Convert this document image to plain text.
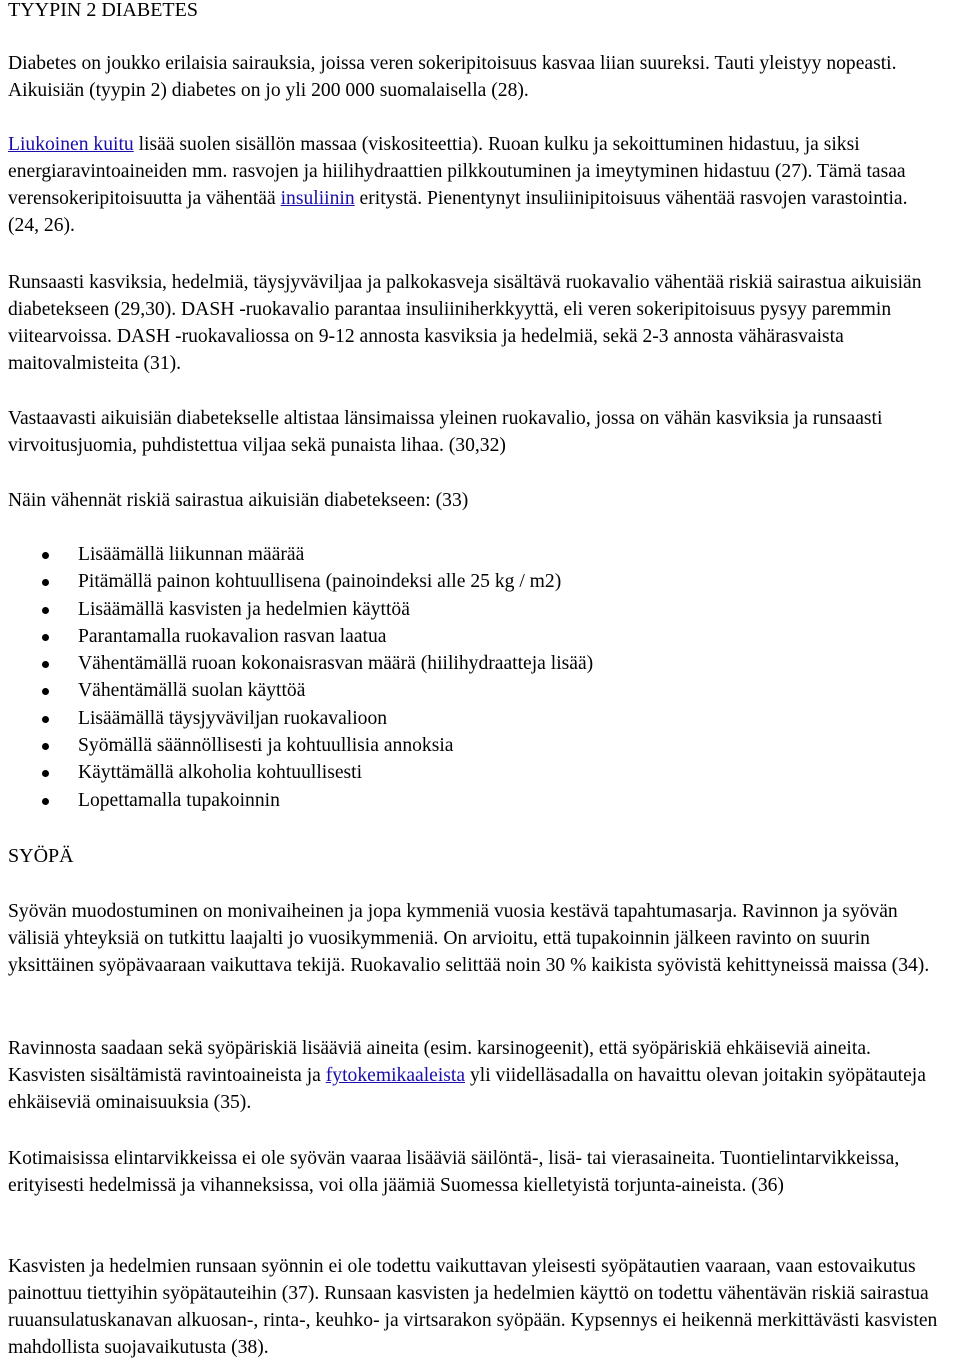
TYYPIN 2 DIABETES

Diabetes on joukko erilaisia sairauksia, joissa veren sokeripitoisuus kasvaa liian suureksi. Tauti yleistyy nopeasti. Aikuisiän (tyypin 2) diabetes on jo yli 200 000 suomalaisella (28).

Liukoinen kuitu lisää suolen sisällön massaa (viskositeettia). Ruoan kulku ja sekoittuminen hidastuu, ja siksi energiaravintoaineiden mm. rasvojen ja hiilihydraattien pilkkoutuminen ja imeytyminen hidastuu (27). Tämä tasaa verensokeripitoisuutta ja vähentää insuliinin eritystä. Pienentynyt insuliinipitoisuus vähentää rasvojen varastointia. (24, 26).

Runsaasti kasviksia, hedelmiä, täysjyväviljaa ja palkokasveja sisältävä ruokavalio vähentää riskiä sairastua aikuisiän diabetekseen (29,30). DASH -ruokavalio parantaa insuliiniherkkyyttä, eli veren sokeripitoisuus pysyy paremmin viitearvoissa. DASH -ruokavaliossa on 9-12 annosta kasviksia ja hedelmiä, sekä 2-3 annosta vähärasvaista maitovalmisteita (31).

Vastaavasti aikuisiän diabetekselle altistaa länsimaissa yleinen ruokavalio, jossa on vähän kasviksia ja runsaasti virvoitusjuomia, puhdistettua viljaa sekä punaista lihaa. (30,32)

Näin vähennät riskiä sairastua aikuisiän diabetekseen: (33)

Lisäämällä liikunnan määrää
Pitämällä painon kohtuullisena (painoindeksi alle 25 kg / m2)
Lisäämällä kasvisten ja hedelmien käyttöä
Parantamalla ruokavalion rasvan laatua
Vähentämällä ruoan kokonaisrasvan määrä (hiilihydraatteja lisää)
Vähentämällä suolan käyttöä
Lisäämällä täysjyväviljan ruokavalioon
Syömällä säännöllisesti ja kohtuullisia annoksia
Käyttämällä alkoholia kohtuullisesti
Lopettamalla tupakoinnin
SYÖPÄ

Syövän muodostuminen on monivaiheinen ja jopa kymmeniä vuosia kestävä tapahtumasarja. Ravinnon ja syövän välisiä yhteyksiä on tutkittu laajalti jo vuosikymmeniä. On arvioitu, että tupakoinnin jälkeen ravinto on suurin yksittäinen syöpävaaraan vaikuttava tekijä. Ruokavalio selittää noin 30 % kaikista syövistä kehittyneissä maissa (34).

Ravinnosta saadaan sekä syöpäriskiä lisääviä aineita (esim. karsinogeenit), että syöpäriskiä ehkäiseviä aineita. Kasvisten sisältämistä ravintoaineista ja fytokemikaaleista yli viidelläsadalla on havaittu olevan joitakin syöpätauteja ehkäiseviä ominaisuuksia (35).

Kotimaisissa elintarvikkeissa ei ole syövän vaaraa lisääviä säilöntä-, lisä- tai vierasaineita. Tuontielintarvikkeissa, erityisesti hedelmissä ja vihanneksissa, voi olla jäämiä Suomessa kielletyistä torjunta-aineista. (36)

Kasvisten ja hedelmien runsaan syönnin ei ole todettu vaikuttavan yleisesti syöpätautien vaaraan, vaan estovaikutus painottuu tiettyihin syöpätauteihin (37). Runsaan kasvisten ja hedelmien käyttö on todettu vähentävän riskiä sairastua ruuansulatuskanavan alkuosan-, rinta-, keuhko- ja virtsarakon syöpään. Kypsennys ei heikennä merkittävästi kasvisten mahdollista suojavaikutusta (38).
